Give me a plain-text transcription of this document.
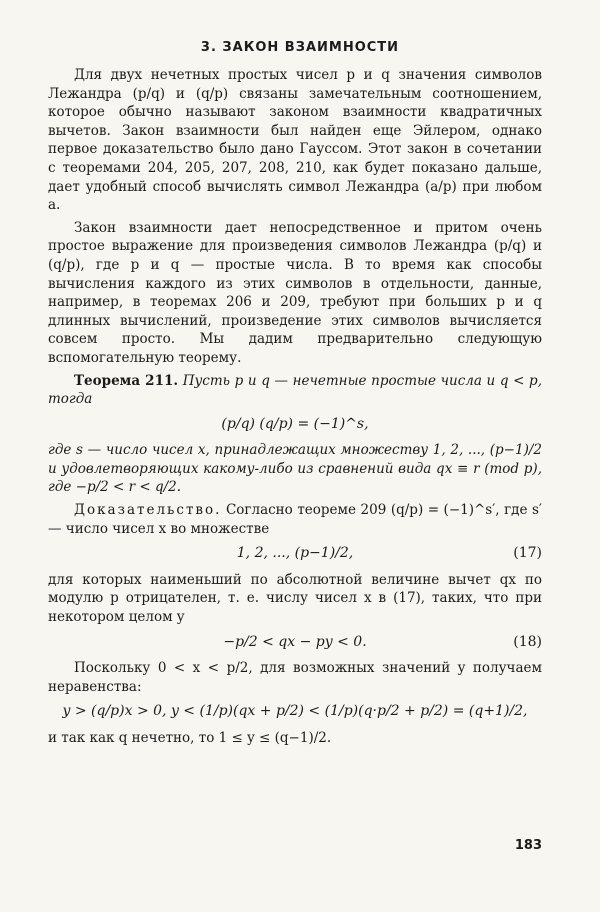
3. ЗАКОН ВЗАИМНОСТИ

Для двух нечетных простых чисел p и q значения символов Лежандра (p/q) и (q/p) связаны замечательным соотношением, которое обычно называют законом взаимности квадратичных вычетов. Закон взаимности был найден еще Эйлером, однако первое доказательство было дано Гауссом. Этот закон в сочетании с теоремами 204, 205, 207, 208, 210, как будет показано дальше, дает удобный способ вычислять символ Лежандра (a/p) при любом a.

Закон взаимности дает непосредственное и притом очень простое выражение для произведения символов Лежандра (p/q) и (q/p), где p и q — простые числа. В то время как способы вычисления каждого из этих символов в отдельности, данные, например, в теоремах 206 и 209, требуют при больших p и q длинных вычислений, произведение этих символов вычисляется совсем просто. Мы дадим предварительно следующую вспомогательную теорему.

Теорема 211. Пусть p и q — нечетные простые числа и q < p, тогда

(p/q) (q/p) = (−1)^s,

где s — число чисел x, принадлежащих множеству 1, 2, ..., (p−1)/2 и удовлетворяющих какому-либо из сравнений вида qx ≡ r (mod p), где −p/2 < r < q/2.

Доказательство. Согласно теореме 209 (q/p) = (−1)^s′, где s′ — число чисел x во множестве

1, 2, ..., (p−1)/2,	(17)

для которых наименьший по абсолютной величине вычет qx по модулю p отрицателен, т. е. числу чисел x в (17), таких, что при некотором целом y

−p/2 < qx − py < 0.	(18)

Поскольку 0 < x < p/2, для возможных значений y получаем неравенства:

y > (q/p)x > 0, y < (1/p)(qx + p/2) < (1/p)(q·p/2 + p/2) = (q+1)/2,

и так как q нечетно, то 1 ≤ y ≤ (q−1)/2.

183
